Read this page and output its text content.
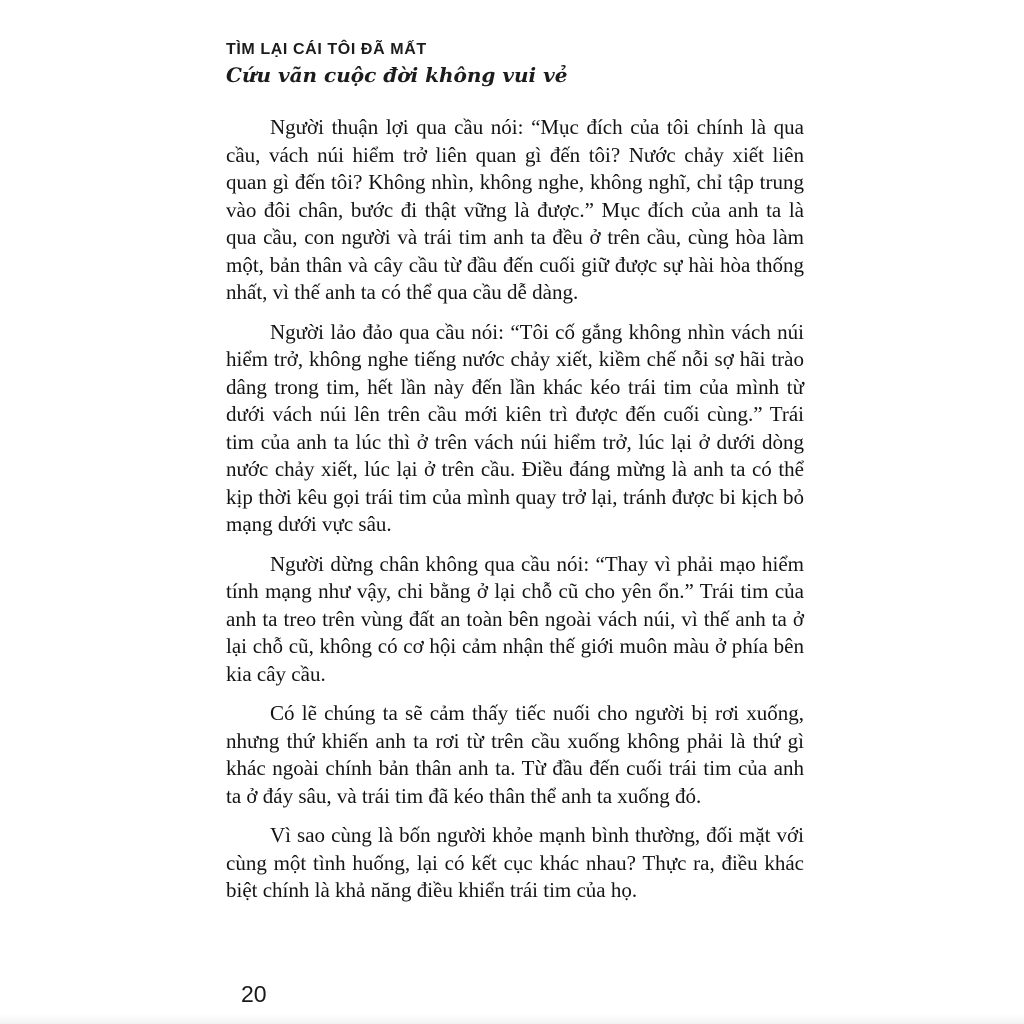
TÌM LẠI CÁI TÔI ĐÃ MẤT
Cứu vãn cuộc đời không vui vẻ

Người thuận lợi qua cầu nói: “Mục đích của tôi chính là qua cầu, vách núi hiểm trở liên quan gì đến tôi? Nước chảy xiết liên quan gì đến tôi? Không nhìn, không nghe, không nghĩ, chỉ tập trung vào đôi chân, bước đi thật vững là được.” Mục đích của anh ta là qua cầu, con người và trái tim anh ta đều ở trên cầu, cùng hòa làm một, bản thân và cây cầu từ đầu đến cuối giữ được sự hài hòa thống nhất, vì thế anh ta có thể qua cầu dễ dàng.

Người lảo đảo qua cầu nói: “Tôi cố gắng không nhìn vách núi hiểm trở, không nghe tiếng nước chảy xiết, kiềm chế nỗi sợ hãi trào dâng trong tim, hết lần này đến lần khác kéo trái tim của mình từ dưới vách núi lên trên cầu mới kiên trì được đến cuối cùng.” Trái tim của anh ta lúc thì ở trên vách núi hiểm trở, lúc lại ở dưới dòng nước chảy xiết, lúc lại ở trên cầu. Điều đáng mừng là anh ta có thể kịp thời kêu gọi trái tim của mình quay trở lại, tránh được bi kịch bỏ mạng dưới vực sâu.

Người dừng chân không qua cầu nói: “Thay vì phải mạo hiểm tính mạng như vậy, chi bằng ở lại chỗ cũ cho yên ổn.” Trái tim của anh ta treo trên vùng đất an toàn bên ngoài vách núi, vì thế anh ta ở lại chỗ cũ, không có cơ hội cảm nhận thế giới muôn màu ở phía bên kia cây cầu.

Có lẽ chúng ta sẽ cảm thấy tiếc nuối cho người bị rơi xuống, nhưng thứ khiến anh ta rơi từ trên cầu xuống không phải là thứ gì khác ngoài chính bản thân anh ta. Từ đầu đến cuối trái tim của anh ta ở đáy sâu, và trái tim đã kéo thân thể anh ta xuống đó.

Vì sao cùng là bốn người khỏe mạnh bình thường, đối mặt với cùng một tình huống, lại có kết cục khác nhau? Thực ra, điều khác biệt chính là khả năng điều khiển trái tim của họ.

20
